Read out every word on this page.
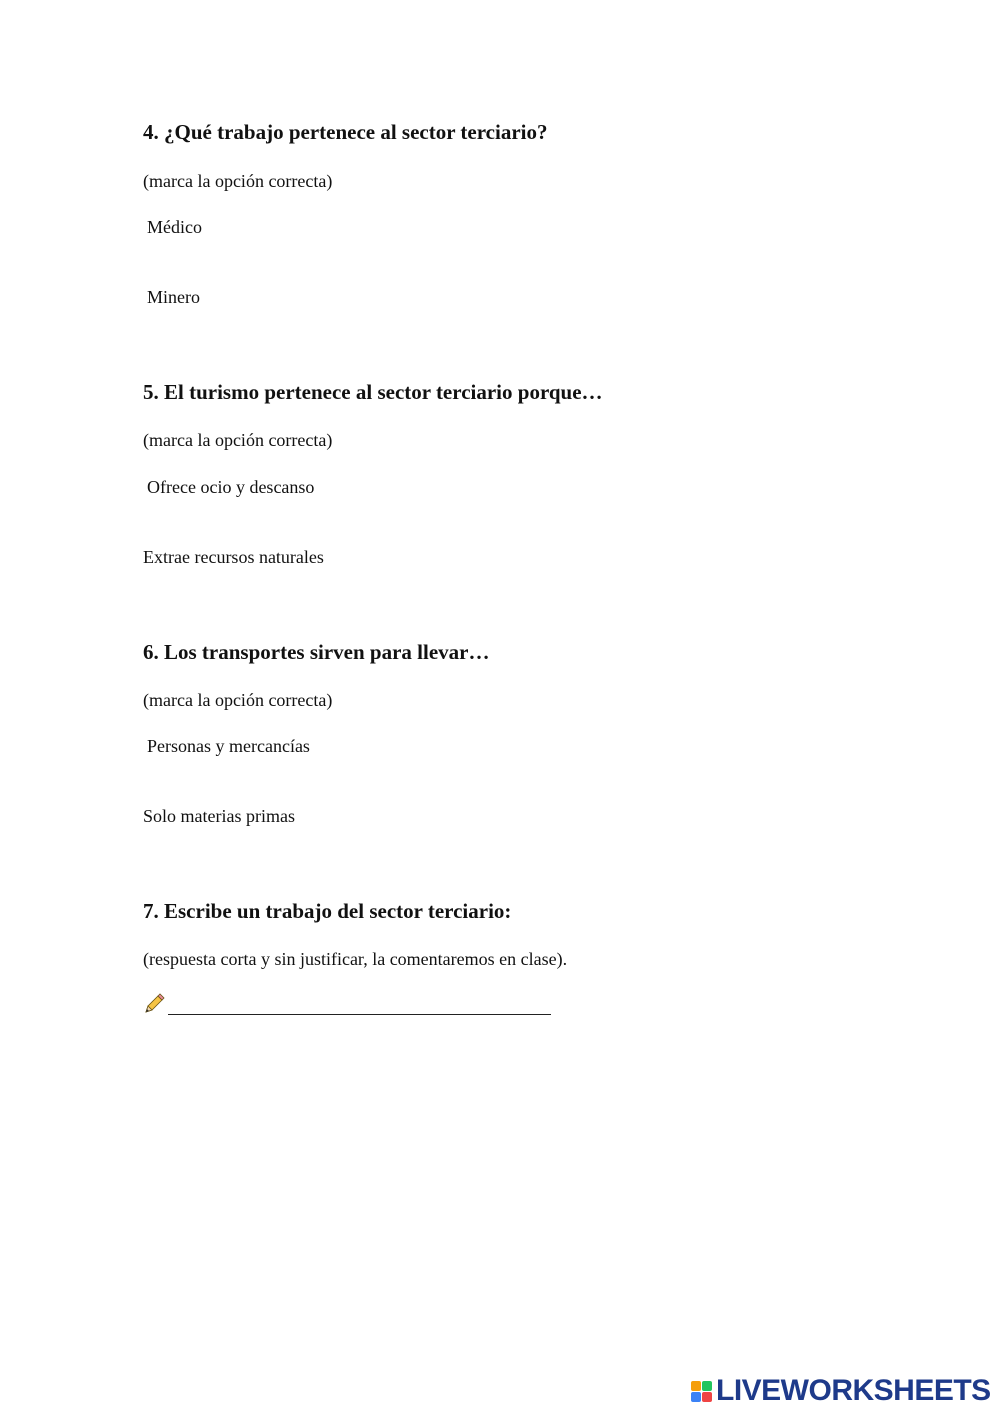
4. ¿Qué trabajo pertenece al sector terciario?
(marca la opción correcta)
Médico
Minero
5. El turismo pertenece al sector terciario porque…
(marca la opción correcta)
Ofrece ocio y descanso
Extrae recursos naturales
6. Los transportes sirven para llevar…
(marca la opción correcta)
Personas y mercancías
Solo materias primas
7. Escribe un trabajo del sector terciario:
(respuesta corta y sin justificar, la comentaremos en clase).
LIVEWORKSHEETS
